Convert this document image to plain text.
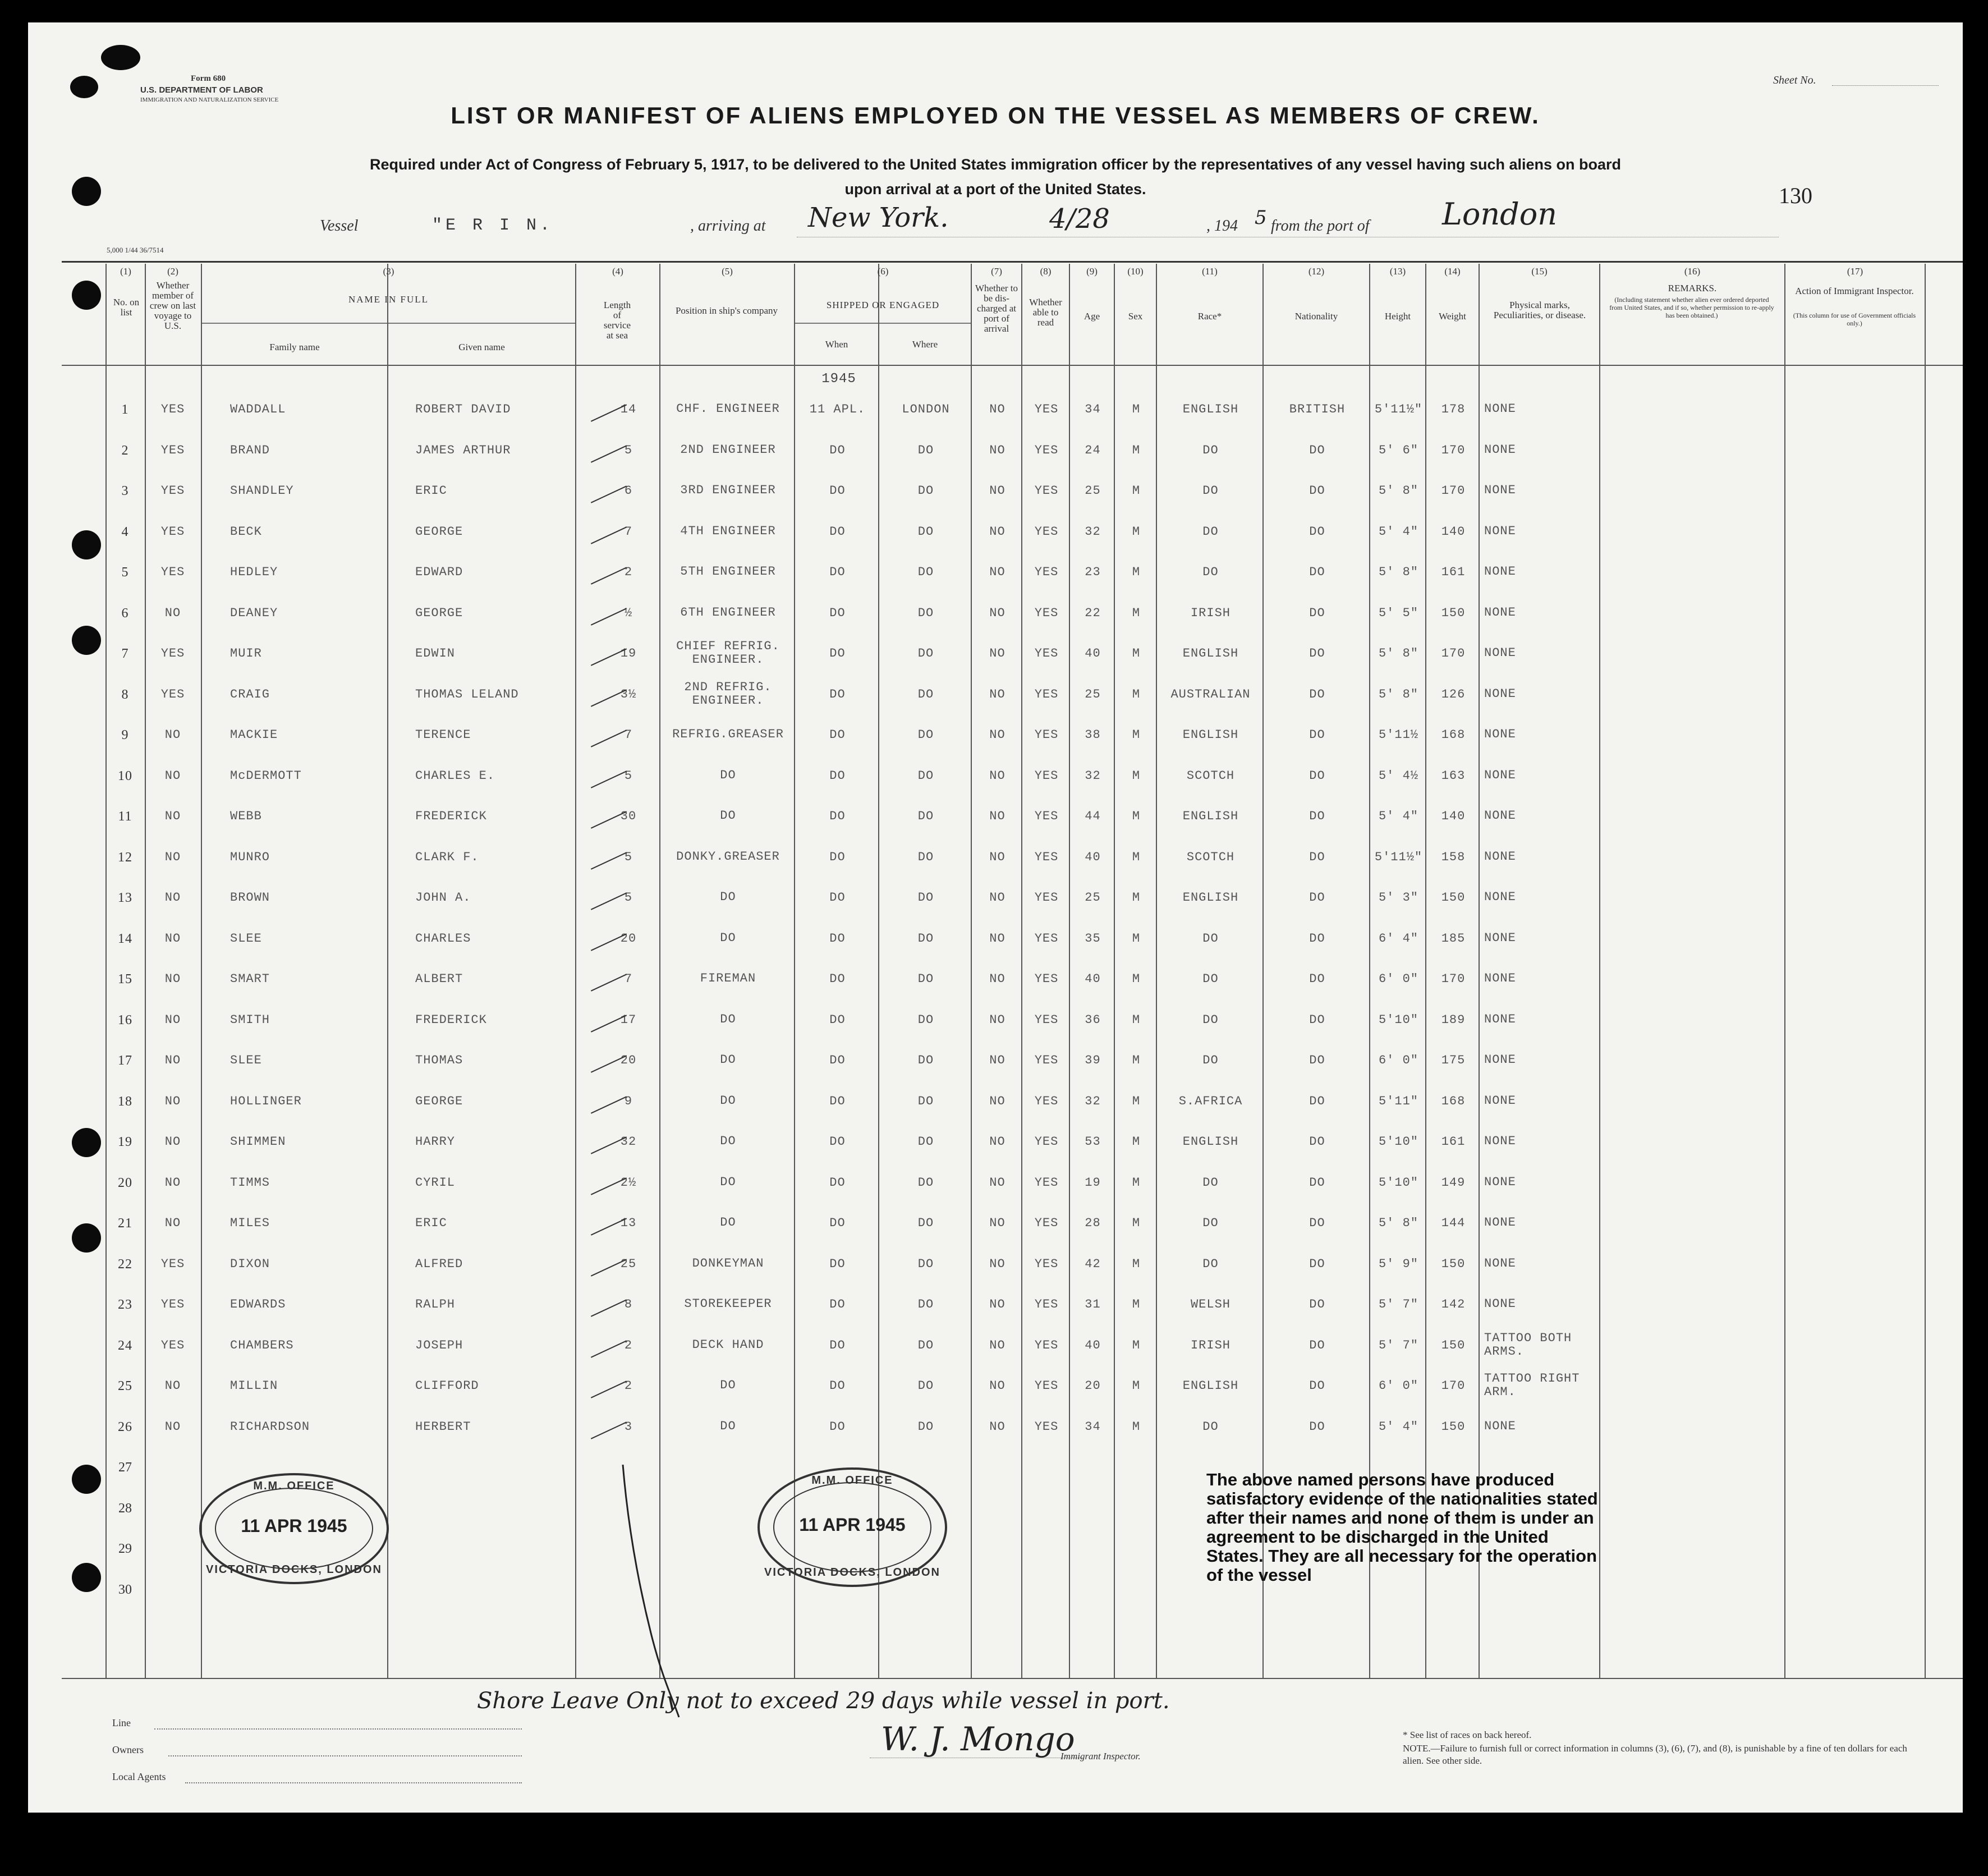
Form 680
U.S. DEPARTMENT OF LABOR
IMMIGRATION AND NATURALIZATION SERVICE
5,000 1/44 36/7514
Sheet No.
130
LIST OR MANIFEST OF ALIENS EMPLOYED ON THE VESSEL AS MEMBERS OF CREW.
Required under Act of Congress of February 5, 1917, to be delivered to the United States immigration officer by the representatives of any vessel having such aliens on board
upon arrival at a port of the United States.
Vessel	"E R I N.	, arriving at New York.	4/28	, 194 5 from the port of London
(1)
No. on list
(2)
Whether member of crew on last voyage to U.S.
(3)
NAME IN FULL
Family name	Given name
(4)
Length of service at sea
(5)
Position in ship's company
(6)
SHIPPED OR ENGAGED
When	Where
(7)
Whether to be dis-charged at port of arrival
(8)
Whether able to read
(9)
Age
(10)
Sex
(11)
Race*
(12)
Nationality
(13)
Height
(14)
Weight
(15)
Physical marks, Peculiarities, or disease.
(16)
REMARKS.
(Including statement whether alien ever ordered deported from United States, and if so, whether permission to re-apply has been obtained.)
(17)
Action of Immigrant Inspector.
(This column for use of Government officials only.)
1945
1	YES	WADDALL	ROBERT DAVID	14	CHF. ENGINEER	11 APL.	LONDON	NO	YES	34	M	ENGLISH	BRITISH	5'11½"	178	NONE
2	YES	BRAND	JAMES ARTHUR	5	2ND ENGINEER	DO	DO	NO	YES	24	M	DO	DO	5' 6"	170	NONE
3	YES	SHANDLEY	ERIC	6	3RD ENGINEER	DO	DO	NO	YES	25	M	DO	DO	5' 8"	170	NONE
4	YES	BECK	GEORGE	7	4TH ENGINEER	DO	DO	NO	YES	32	M	DO	DO	5' 4"	140	NONE
5	YES	HEDLEY	EDWARD	2	5TH ENGINEER	DO	DO	NO	YES	23	M	DO	DO	5' 8"	161	NONE
6	NO	DEANEY	GEORGE	½	6TH ENGINEER	DO	DO	NO	YES	22	M	IRISH	DO	5' 5"	150	NONE
7	YES	MUIR	EDWIN	19
CHIEF REFRIG. ENGINEER.	DO	DO	NO	YES	40	M	ENGLISH	DO	5' 8"	170	NONE
8	YES	CRAIG	THOMAS LELAND	3½
2ND REFRIG. ENGINEER.	DO	DO	NO	YES	25	M	AUSTRALIAN	DO	5' 8"	126	NONE
9	NO	MACKIE	TERENCE	7	REFRIG.GREASER	DO	DO	NO	YES	38	M	ENGLISH	DO	5'11½	168	NONE
10	NO	McDERMOTT	CHARLES E.	5	DO	DO	DO	NO	YES	32	M	SCOTCH	DO	5' 4½	163	NONE
11	NO	WEBB	FREDERICK	30	DO	DO	DO	NO	YES	44	M	ENGLISH	DO	5' 4"	140	NONE
12	NO	MUNRO	CLARK F.	5	DONKY.GREASER	DO	DO	NO	YES	40	M	SCOTCH	DO	5'11½"	158	NONE
13	NO	BROWN	JOHN A.	5	DO	DO	DO	NO	YES	25	M	ENGLISH	DO	5' 3"	150	NONE
14	NO	SLEE	CHARLES	20	DO	DO	DO	NO	YES	35	M	DO	DO	6' 4"	185	NONE
15	NO	SMART	ALBERT	7	FIREMAN	DO	DO	NO	YES	40	M	DO	DO	6' 0"	170	NONE
16	NO	SMITH	FREDERICK	17	DO	DO	DO	NO	YES	36	M	DO	DO	5'10"	189	NONE
17	NO	SLEE	THOMAS	20	DO	DO	DO	NO	YES	39	M	DO	DO	6' 0"	175	NONE
18	NO	HOLLINGER	GEORGE	9	DO	DO	DO	NO	YES	32	M	S.AFRICA	DO	5'11"	168	NONE
19	NO	SHIMMEN	HARRY	32	DO	DO	DO	NO	YES	53	M	ENGLISH	DO	5'10"	161	NONE
20	NO	TIMMS	CYRIL	2½	DO	DO	DO	NO	YES	19	M	DO	DO	5'10"	149	NONE
21	NO	MILES	ERIC	13	DO	DO	DO	NO	YES	28	M	DO	DO	5' 8"	144	NONE
22	YES	DIXON	ALFRED	25	DONKEYMAN	DO	DO	NO	YES	42	M	DO	DO	5' 9"	150	NONE
23	YES	EDWARDS	RALPH	8	STOREKEEPER	DO	DO	NO	YES	31	M	WELSH	DO	5' 7"	142	NONE
24	YES	CHAMBERS	JOSEPH	2	DECK HAND	DO	DO	NO	YES	40	M	IRISH	DO	5' 7"	150
TATTOO BOTH ARMS.
25	NO	MILLIN	CLIFFORD	2	DO	DO	DO	NO	YES	20	M	ENGLISH	DO	6' 0"	170
TATTOO RIGHT ARM.
26	NO	RICHARDSON	HERBERT	3	DO	DO	DO	NO	YES	34	M	DO	DO	5' 4"	150	NONE
27
28
29
30
M.M. OFFICE
11 APR 1945
VICTORIA DOCKS, LONDON
M.M. OFFICE
11 APR 1945
VICTORIA DOCKS, LONDON
The above named persons have produced satisfactory evidence of the nationalities stated after their names and none of them is under an agreement to be discharged in the United States. They are all necessary for the operation of the vessel
Shore Leave Only not to exceed 29 days while vessel in port.
Line
Owners
Local Agents
W. J. Mongo
Immigrant Inspector.
* See list of races on back hereof.
NOTE.—Failure to furnish full or correct information in columns (3), (6), (7), and (8), is punishable by a fine of ten dollars for each alien. See other side.
